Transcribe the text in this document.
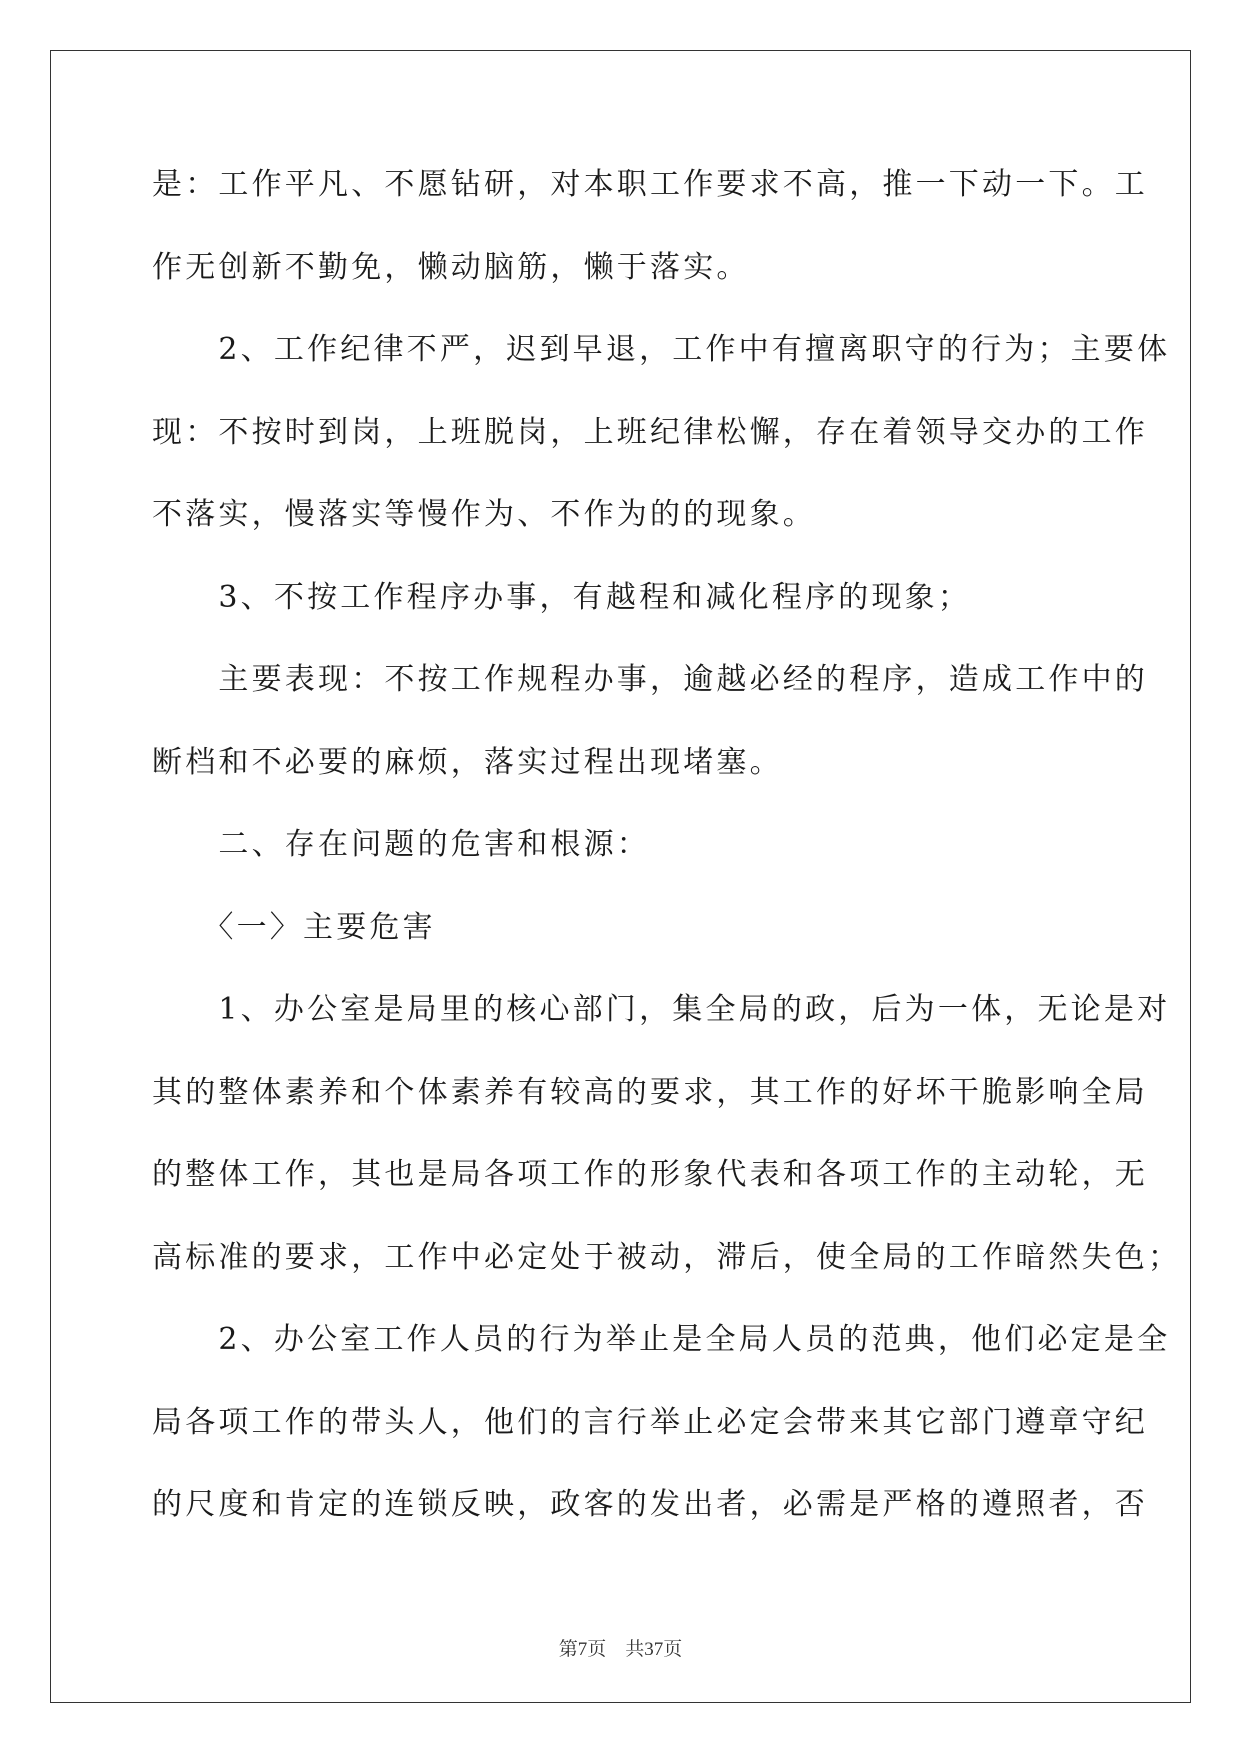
是：工作平凡、不愿钻研，对本职工作要求不高，推一下动一下。工
作无创新不勤免，懒动脑筋，懒于落实。
　　2、工作纪律不严，迟到早退，工作中有擅离职守的行为；主要体
现：不按时到岗，上班脱岗，上班纪律松懈，存在着领导交办的工作
不落实，慢落实等慢作为、不作为的的现象。
　　3、不按工作程序办事，有越程和减化程序的现象；
　　主要表现：不按工作规程办事，逾越必经的程序，造成工作中的
断档和不必要的麻烦，落实过程出现堵塞。
　　二、存在问题的危害和根源：
　　〈一〉主要危害
　　1、办公室是局里的核心部门，集全局的政，后为一体，无论是对
其的整体素养和个体素养有较高的要求，其工作的好坏干脆影响全局
的整体工作，其也是局各项工作的形象代表和各项工作的主动轮，无
高标准的要求，工作中必定处于被动，滞后，使全局的工作暗然失色；
　　2、办公室工作人员的行为举止是全局人员的范典，他们必定是全
局各项工作的带头人，他们的言行举止必定会带来其它部门遵章守纪
的尺度和肯定的连锁反映，政客的发出者，必需是严格的遵照者，否
第7页　共37页
